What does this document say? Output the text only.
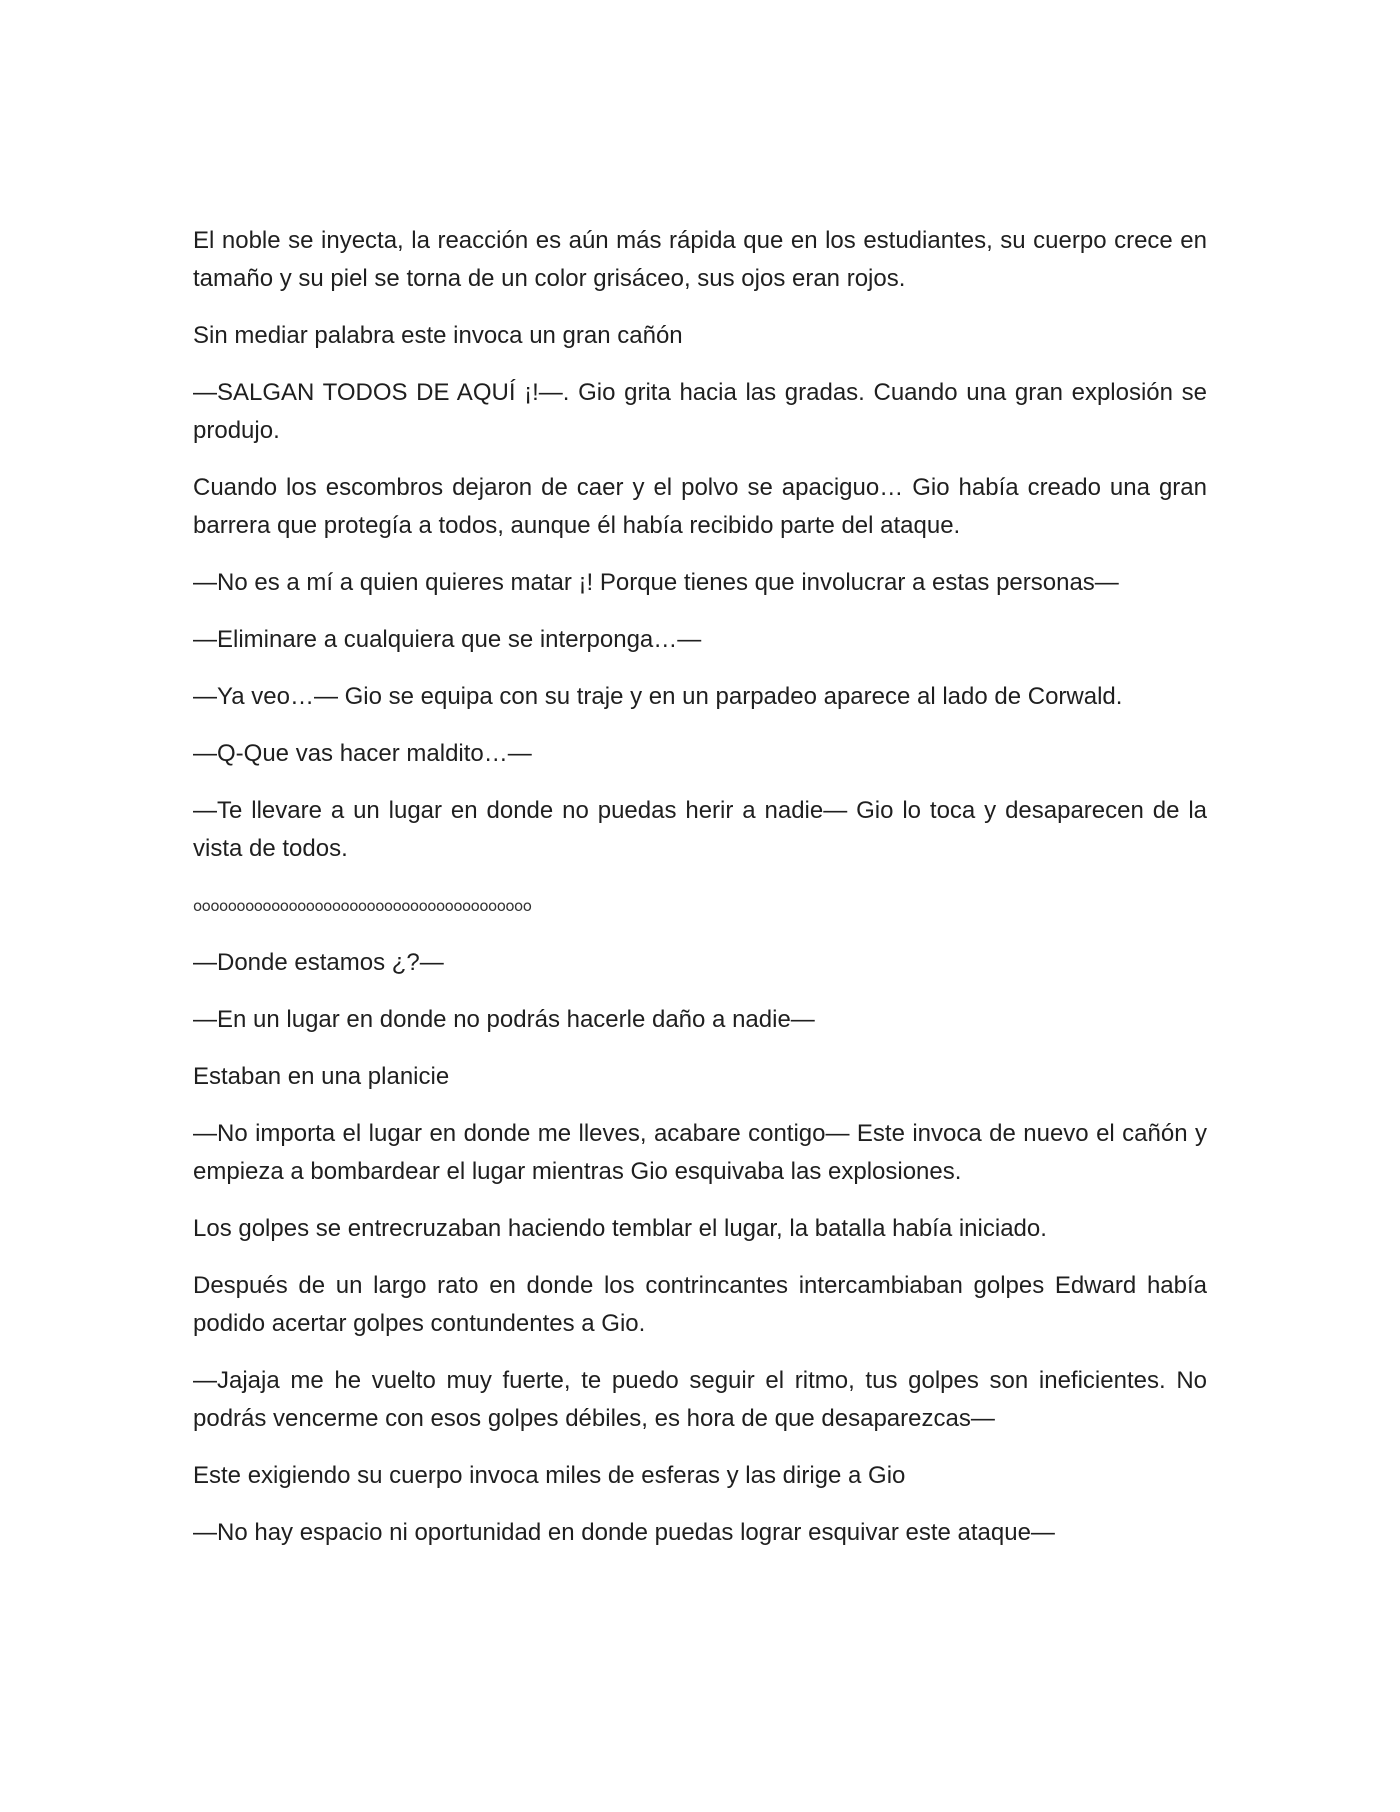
El noble se inyecta, la reacción es aún más rápida que en los estudiantes, su cuerpo crece en tamaño y su piel se torna de un color grisáceo, sus ojos eran rojos.

Sin mediar palabra este invoca un gran cañón

—SALGAN TODOS DE AQUÍ ¡!—. Gio grita hacia las gradas. Cuando una gran explosión se produjo.

Cuando los escombros dejaron de caer y el polvo se apaciguo… Gio había creado una gran barrera que protegía a todos, aunque él había recibido parte del ataque.

—No es a mí a quien quieres matar ¡! Porque tienes que involucrar a estas personas—

—Eliminare a cualquiera que se interponga…—

—Ya veo…— Gio se equipa con su traje y en un parpadeo aparece al lado de Corwald.

—Q-Que vas hacer maldito…—

—Te llevare a un lugar en donde no puedas herir a nadie— Gio lo toca y desaparecen de la vista de todos.

ooooooooooooooooooooooooooooooooooooooo

—Donde estamos ¿?—

—En un lugar en donde no podrás hacerle daño a nadie—

Estaban en una planicie

—No importa el lugar en donde me lleves, acabare contigo— Este invoca de nuevo el cañón y empieza a bombardear el lugar mientras Gio esquivaba las explosiones.

Los golpes se entrecruzaban haciendo temblar el lugar, la batalla había iniciado.

Después de un largo rato en donde los contrincantes intercambiaban golpes Edward había podido acertar golpes contundentes a Gio.

—Jajaja me he vuelto muy fuerte, te puedo seguir el ritmo, tus golpes son ineficientes. No podrás vencerme con esos golpes débiles, es hora de que desaparezcas—

Este exigiendo su cuerpo invoca miles de esferas y las dirige a Gio

—No hay espacio ni oportunidad en donde puedas lograr esquivar este ataque—
